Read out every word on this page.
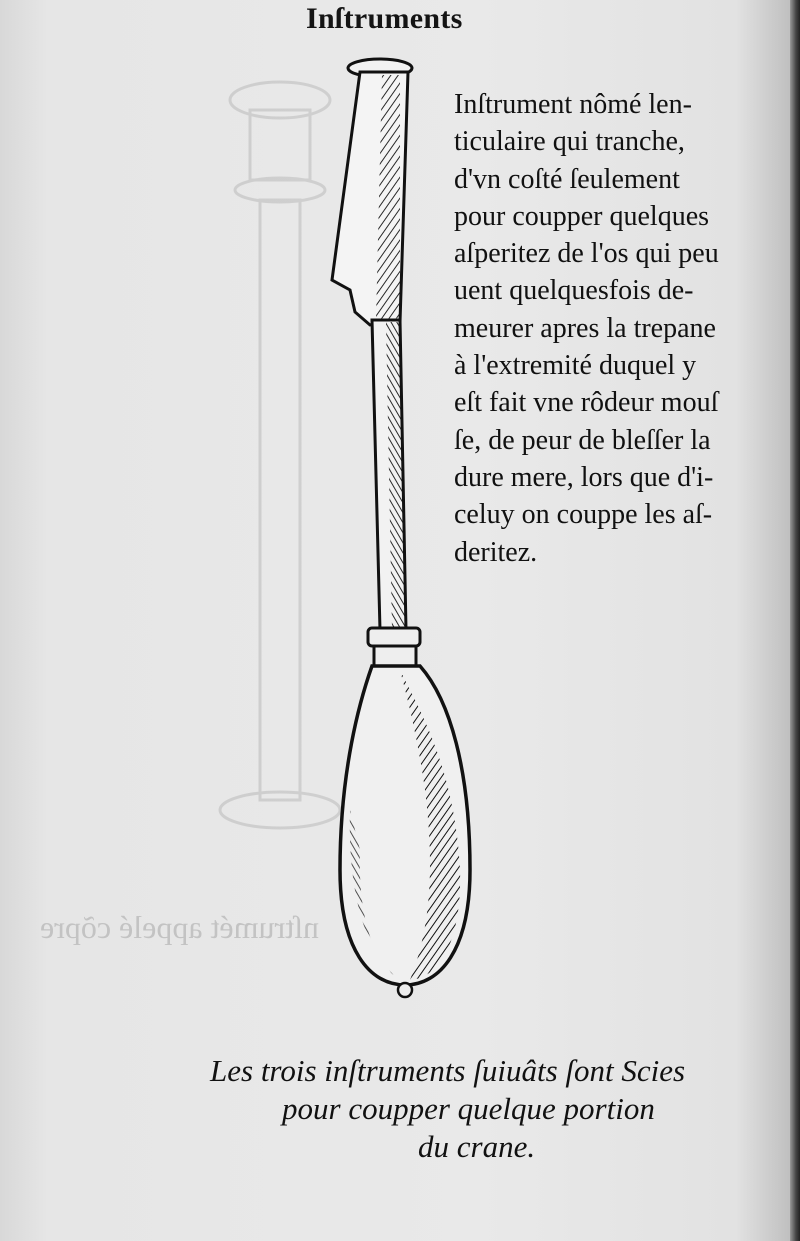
nſtrumét appelé cõpre

Inſtruments
Inſtrument nômé len-
ticulaire qui tranche,
d'vn coſté ſeulement
pour coupper quelques
aſperitez de l'os qui peu
uent quelquesfois de-
meurer apres la trepane
à l'extremité duquel y
eſt fait vne rôdeur mouſ
ſe, de peur de bleſſer la
dure mere, lors que d'i-
celuy on couppe les aſ-
deritez.
Les trois inſtruments ſuiuâts ſont Scies
pour coupper quelque portion
du crane.
